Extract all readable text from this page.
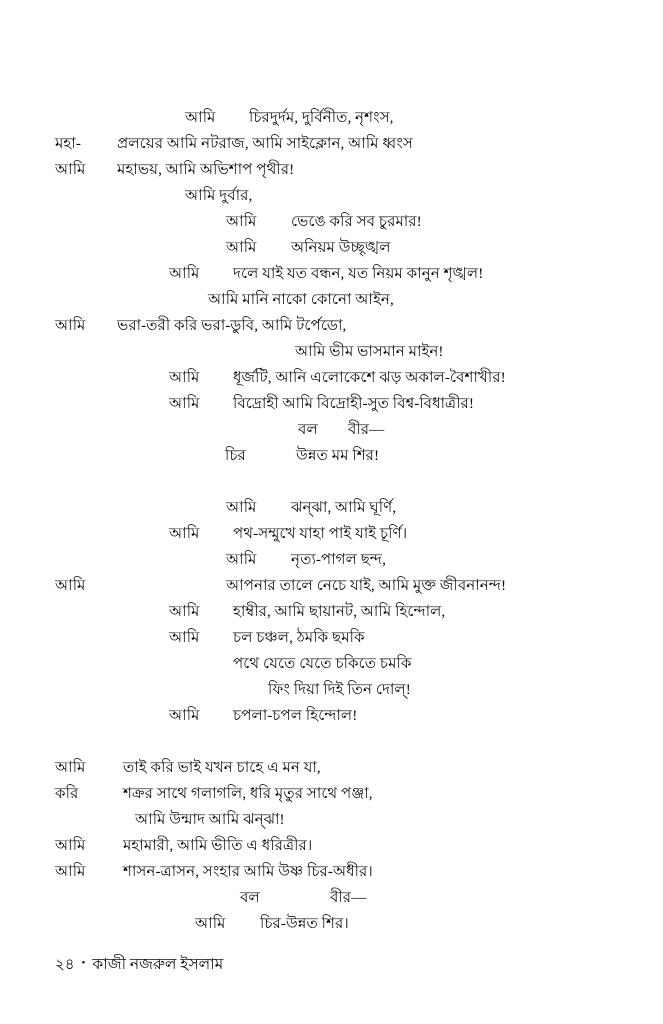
আমি চিরদুর্দম, দুর্বিনীত, নৃশংস,
মহা- প্রলয়ের আমি নটরাজ, আমি সাইক্লোন, আমি ধ্বংস
আমি মহাভয়, আমি অভিশাপ পৃথীর!
আমি দুর্বার,
আমি ভেঙে করি সব চুরমার!
আমি অনিয়ম উচ্ছৃঙ্খল
আমি দলে যাই যত বন্ধন, যত নিয়ম কানুন শৃঙ্খল!
আমি মানি নাকো কোনো আইন,
আমি ভরা-তরী করি ভরা-ডুবি, আমি টর্পেডো,
আমি ভীম ভাসমান মাইন!
আমি ধূর্জটি, আনি এলোকেশে ঝড় অকাল-বৈশাখীর!
আমি বিদ্রোহী আমি বিদ্রোহী-সুত বিশ্ব-বিধাত্রীর!
বল বীর—
চির	উন্নত মম শির!
আমি ঝন্ঝা, আমি ঘূর্ণি,
আমি পথ-সম্মুখে যাহা পাই যাই চূর্ণি।
আমি নৃত্য-পাগল ছন্দ,
আমি	আপনার তালে নেচে যাই, আমি মুক্ত জীবনানন্দ!
আমি হাম্বীর, আমি ছায়ানট, আমি হিন্দোল,
আমি চল চঞ্চল, ঠমকি ছমকি
পথে যেতে যেতে চকিতে চমকি
ফিং দিয়া দিই তিন দোল্!
আমি চপলা-চপল হিন্দোল!
আমি তাই করি ভাই যখন চাহে এ মন যা,
করি	শক্রর সাথে গলাগলি, ধরি মৃতুর সাথে পঞ্জা,
আমি উন্মাদ আমি ঝন্ঝা!
আমি মহামারী, আমি ভীতি এ ধরিত্রীর।
আমি শাসন-ত্রাসন, সংহার আমি উষ্ণ চির-অধীর।
বল	বীর—
আমি চির-উন্নত শির।
২৪ • কাজী নজরুল ইসলাম
